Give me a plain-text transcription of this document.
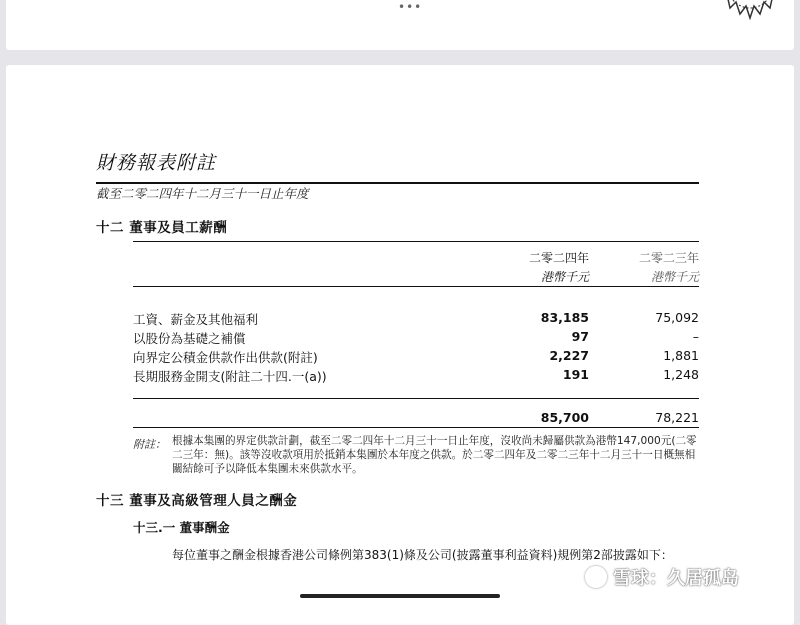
•••
財務報表附註
截至二零二四年十二月三十一日止年度
十二 董事及員工薪酬
二零二四年	二零二三年
港幣千元	港幣千元
工資、薪金及其他福利	83,185	75,092
以股份為基礎之補償	97	–
向界定公積金供款作出供款(附註)	2,227	1,881
長期服務金開支(附註二十四.一(a))	191	1,248
85,700	78,221
附註： 根據本集團的界定供款計劃，截至二零二四年十二月三十一日止年度，沒收尚未歸屬供款為港幣147,000元(二零二三年：無)。該等沒收款項用於抵銷本集團於本年度之供款。於二零二四年及二零二三年十二月三十一日概無相關結餘可予以降低本集團未來供款水平。
十三 董事及高級管理人員之酬金
十三.一 董事酬金
每位董事之酬金根據香港公司條例第383(1)條及公司(披露董事利益資料)規例第2部披露如下：
雪球：久居孤岛
